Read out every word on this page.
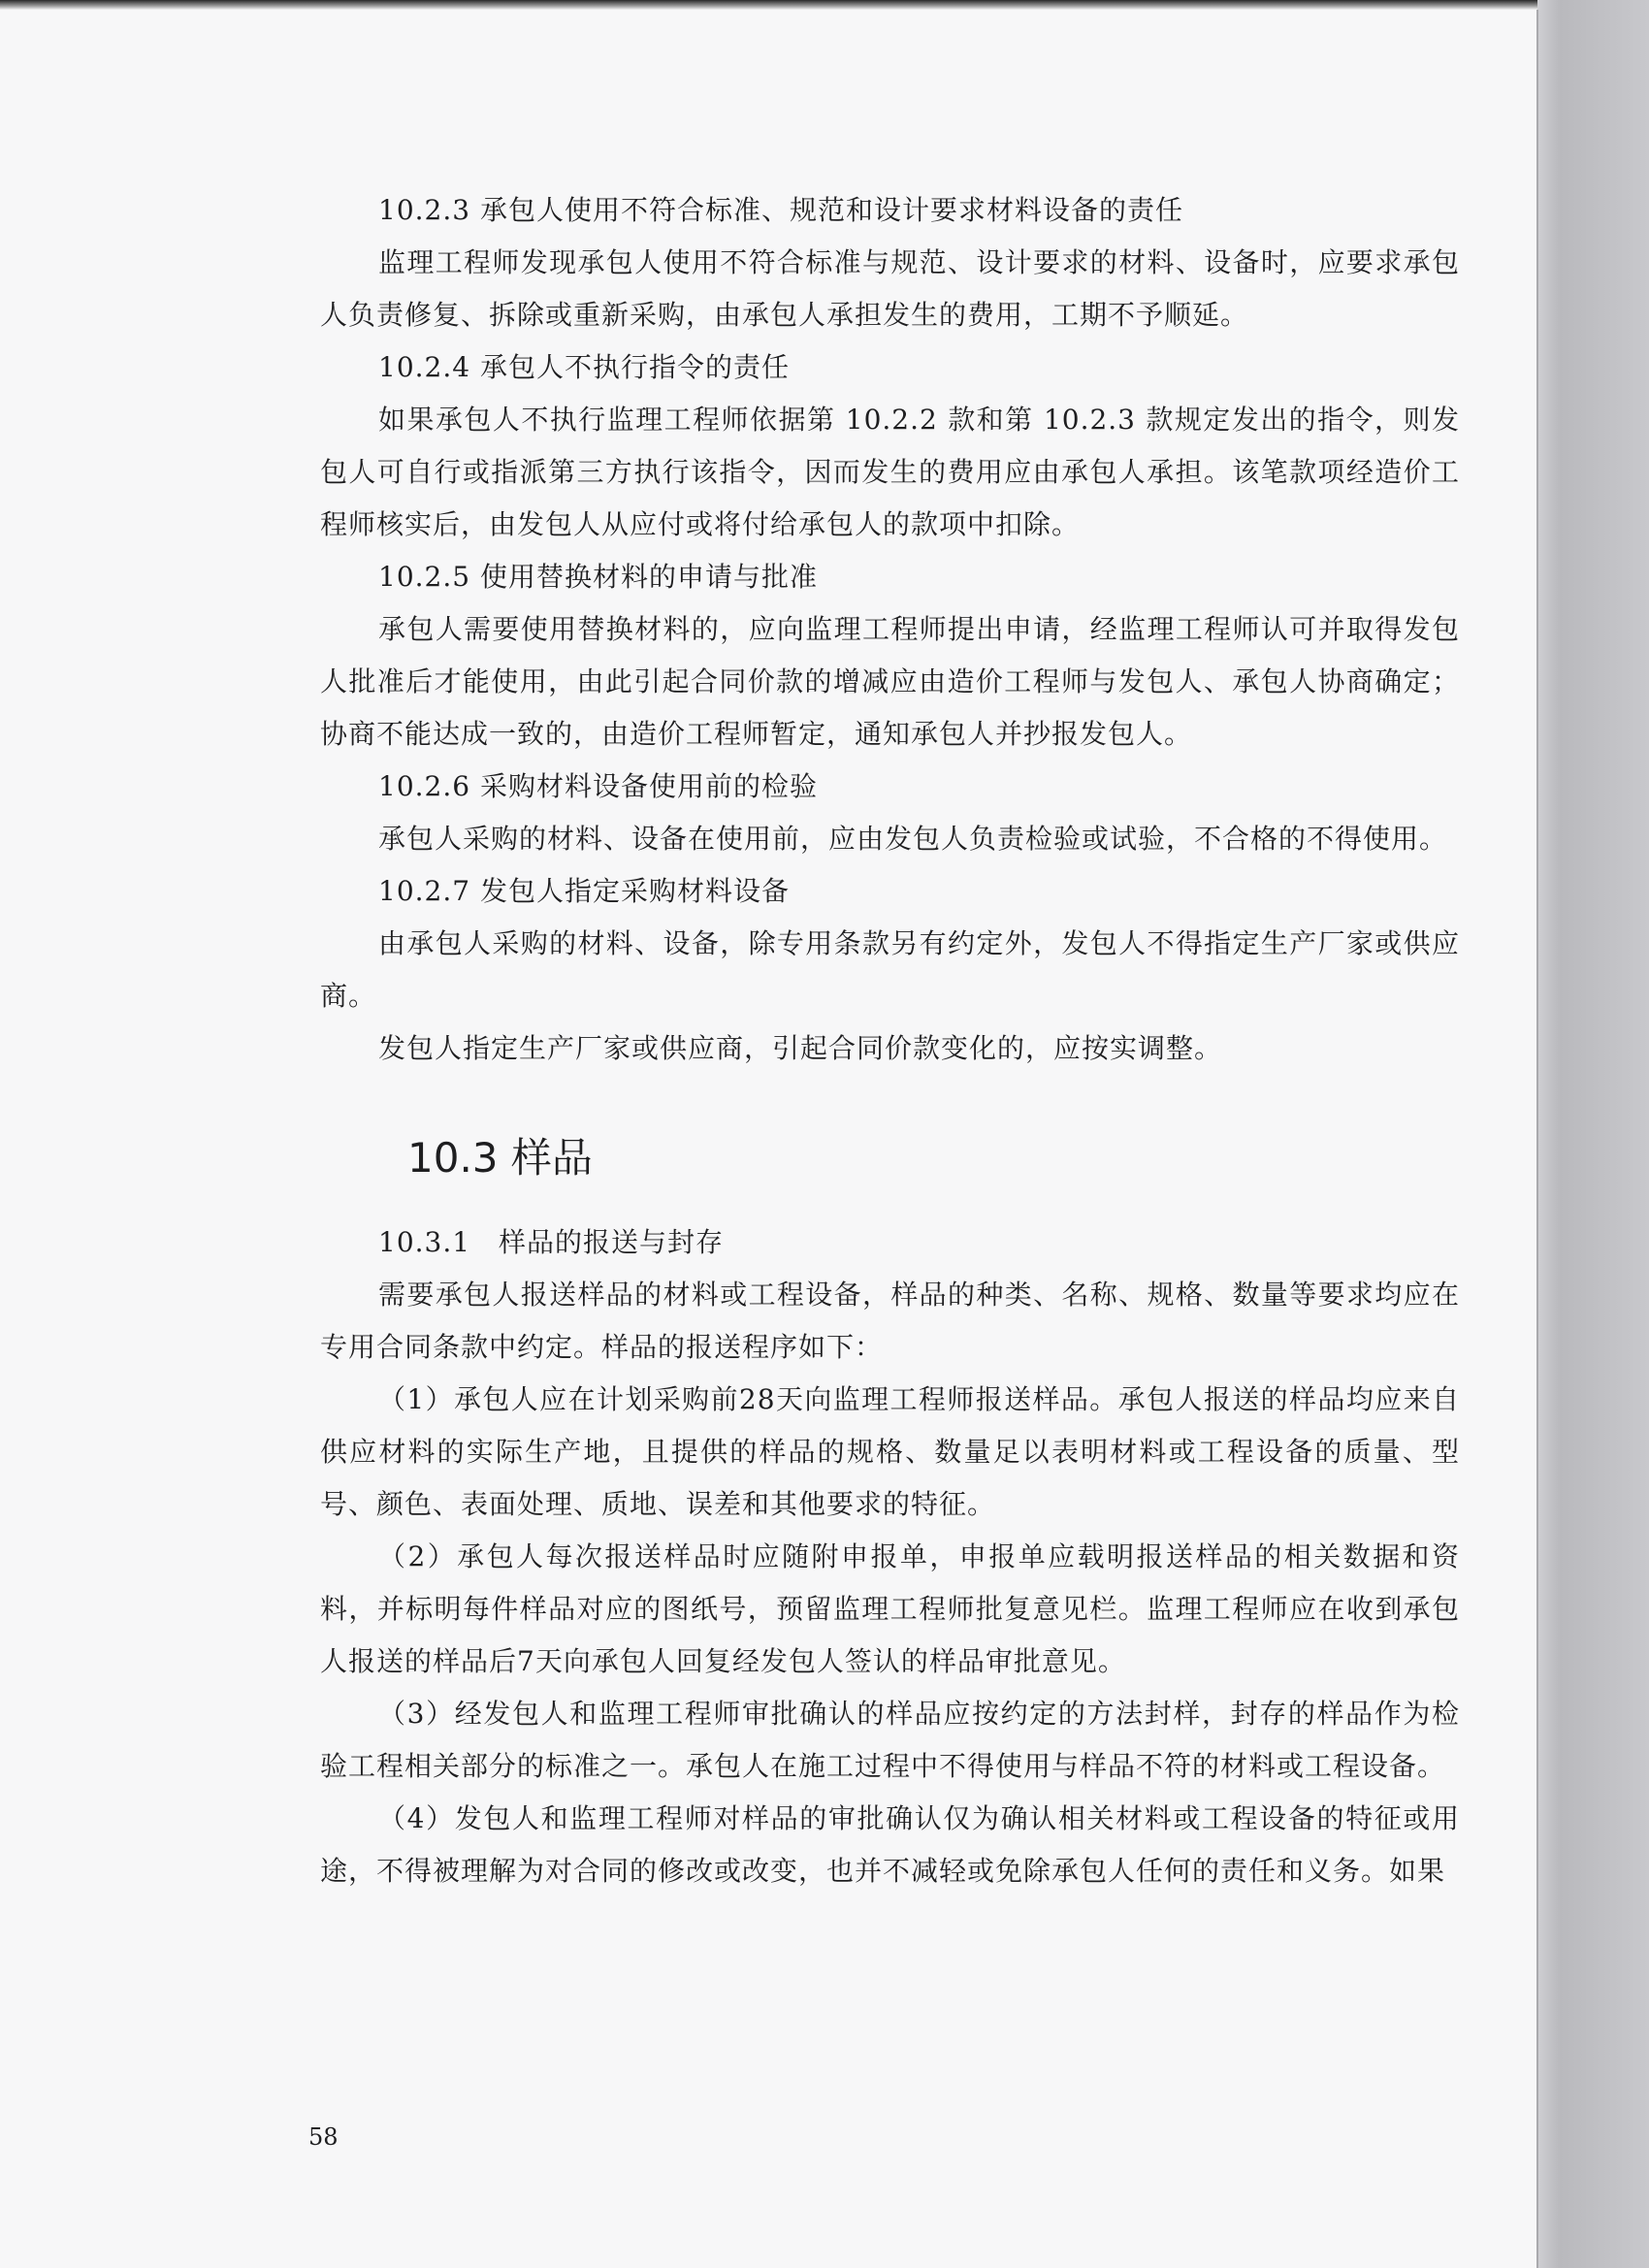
10.2.3 承包人使用不符合标准、规范和设计要求材料设备的责任

监理工程师发现承包人使用不符合标准与规范、设计要求的材料、设备时，应要求承包人负责修复、拆除或重新采购，由承包人承担发生的费用，工期不予顺延。

10.2.4 承包人不执行指令的责任

如果承包人不执行监理工程师依据第 10.2.2 款和第 10.2.3 款规定发出的指令，则发包人可自行或指派第三方执行该指令，因而发生的费用应由承包人承担。该笔款项经造价工程师核实后，由发包人从应付或将付给承包人的款项中扣除。

10.2.5 使用替换材料的申请与批准

承包人需要使用替换材料的，应向监理工程师提出申请，经监理工程师认可并取得发包人批准后才能使用，由此引起合同价款的增减应由造价工程师与发包人、承包人协商确定；协商不能达成一致的，由造价工程师暂定，通知承包人并抄报发包人。

10.2.6 采购材料设备使用前的检验

承包人采购的材料、设备在使用前，应由发包人负责检验或试验，不合格的不得使用。

10.2.7 发包人指定采购材料设备

由承包人采购的材料、设备，除专用条款另有约定外，发包人不得指定生产厂家或供应商。

发包人指定生产厂家或供应商，引起合同价款变化的，应按实调整。

10.3 样品

10.3.1　样品的报送与封存

需要承包人报送样品的材料或工程设备，样品的种类、名称、规格、数量等要求均应在专用合同条款中约定。样品的报送程序如下：

（1）承包人应在计划采购前28天向监理工程师报送样品。承包人报送的样品均应来自供应材料的实际生产地，且提供的样品的规格、数量足以表明材料或工程设备的质量、型号、颜色、表面处理、质地、误差和其他要求的特征。

（2）承包人每次报送样品时应随附申报单，申报单应载明报送样品的相关数据和资料，并标明每件样品对应的图纸号，预留监理工程师批复意见栏。监理工程师应在收到承包人报送的样品后7天向承包人回复经发包人签认的样品审批意见。

（3）经发包人和监理工程师审批确认的样品应按约定的方法封样，封存的样品作为检验工程相关部分的标准之一。承包人在施工过程中不得使用与样品不符的材料或工程设备。

（4）发包人和监理工程师对样品的审批确认仅为确认相关材料或工程设备的特征或用途，不得被理解为对合同的修改或改变，也并不减轻或免除承包人任何的责任和义务。如果

58
